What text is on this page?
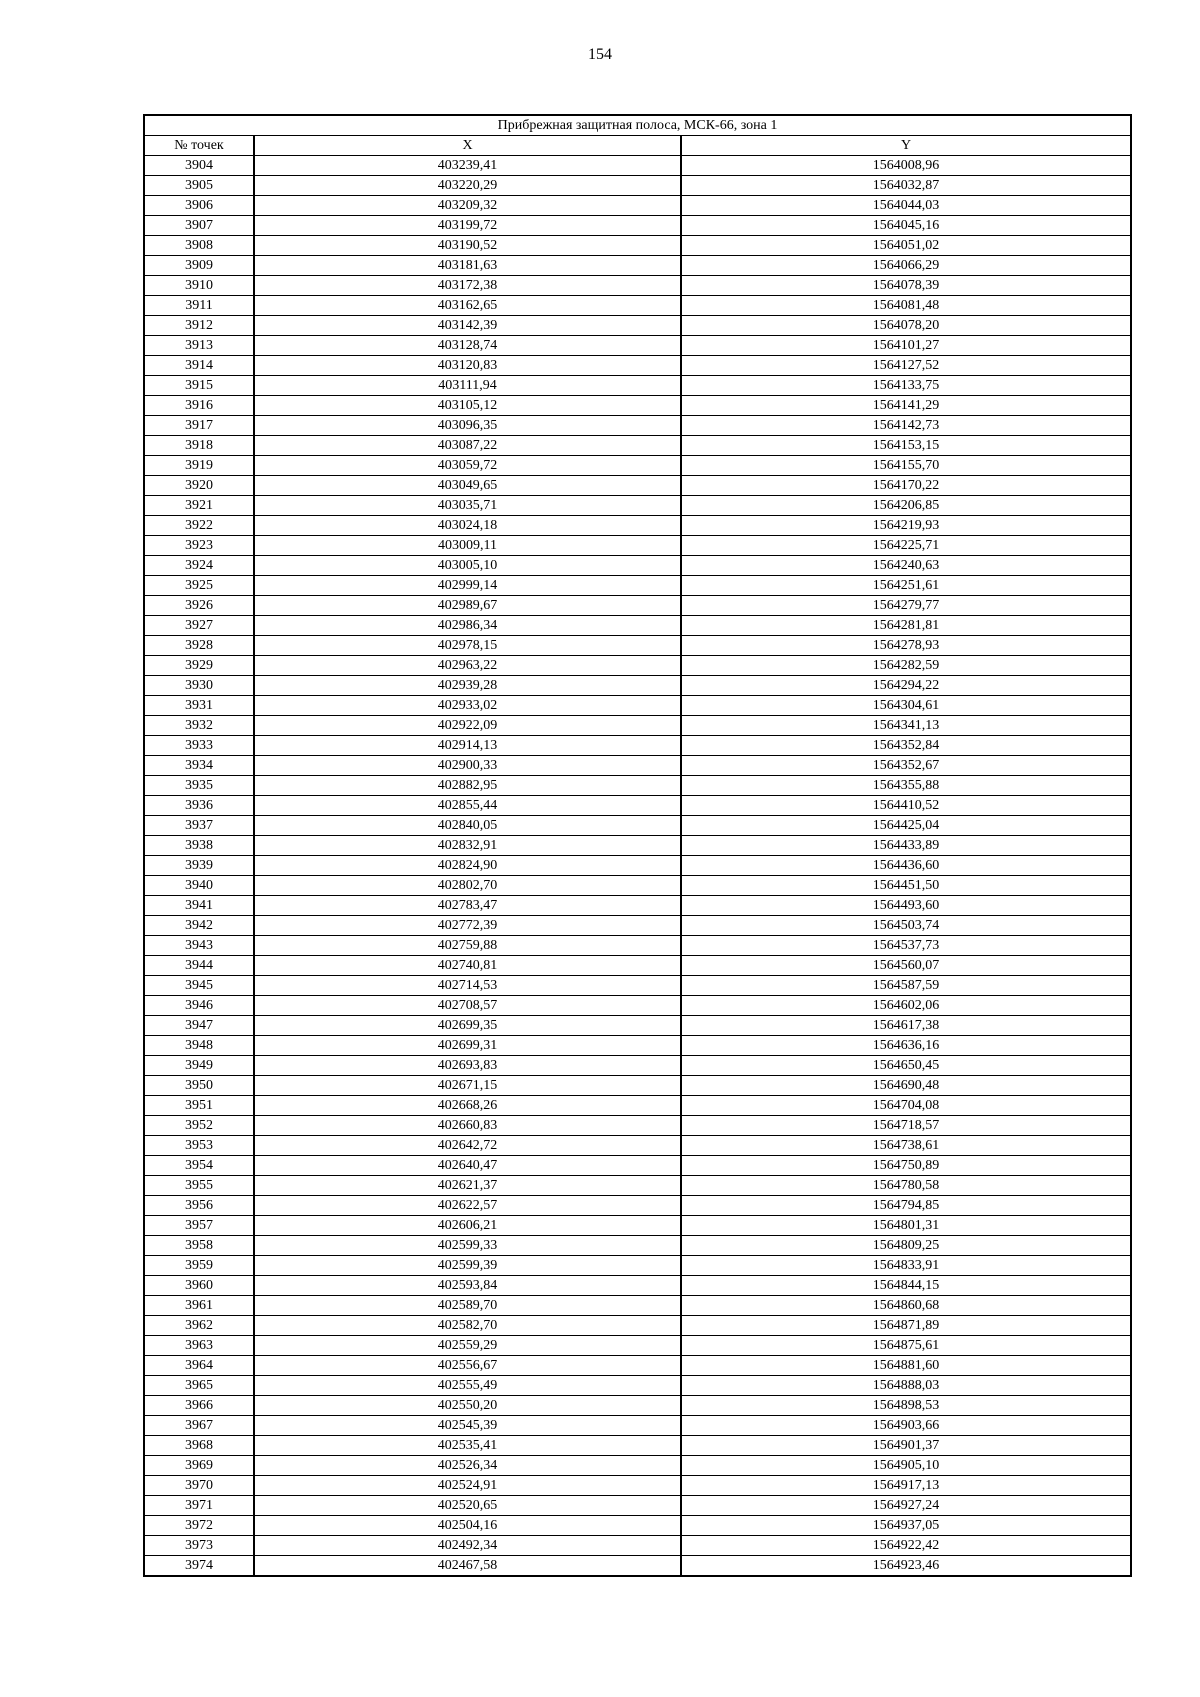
154
Прибрежная защитная полоса, МСК-66, зона 1		
№ точек	X	Y
3904	403239,41	1564008,96
3905	403220,29	1564032,87
3906	403209,32	1564044,03
3907	403199,72	1564045,16
3908	403190,52	1564051,02
3909	403181,63	1564066,29
3910	403172,38	1564078,39
3911	403162,65	1564081,48
3912	403142,39	1564078,20
3913	403128,74	1564101,27
3914	403120,83	1564127,52
3915	403111,94	1564133,75
3916	403105,12	1564141,29
3917	403096,35	1564142,73
3918	403087,22	1564153,15
3919	403059,72	1564155,70
3920	403049,65	1564170,22
3921	403035,71	1564206,85
3922	403024,18	1564219,93
3923	403009,11	1564225,71
3924	403005,10	1564240,63
3925	402999,14	1564251,61
3926	402989,67	1564279,77
3927	402986,34	1564281,81
3928	402978,15	1564278,93
3929	402963,22	1564282,59
3930	402939,28	1564294,22
3931	402933,02	1564304,61
3932	402922,09	1564341,13
3933	402914,13	1564352,84
3934	402900,33	1564352,67
3935	402882,95	1564355,88
3936	402855,44	1564410,52
3937	402840,05	1564425,04
3938	402832,91	1564433,89
3939	402824,90	1564436,60
3940	402802,70	1564451,50
3941	402783,47	1564493,60
3942	402772,39	1564503,74
3943	402759,88	1564537,73
3944	402740,81	1564560,07
3945	402714,53	1564587,59
3946	402708,57	1564602,06
3947	402699,35	1564617,38
3948	402699,31	1564636,16
3949	402693,83	1564650,45
3950	402671,15	1564690,48
3951	402668,26	1564704,08
3952	402660,83	1564718,57
3953	402642,72	1564738,61
3954	402640,47	1564750,89
3955	402621,37	1564780,58
3956	402622,57	1564794,85
3957	402606,21	1564801,31
3958	402599,33	1564809,25
3959	402599,39	1564833,91
3960	402593,84	1564844,15
3961	402589,70	1564860,68
3962	402582,70	1564871,89
3963	402559,29	1564875,61
3964	402556,67	1564881,60
3965	402555,49	1564888,03
3966	402550,20	1564898,53
3967	402545,39	1564903,66
3968	402535,41	1564901,37
3969	402526,34	1564905,10
3970	402524,91	1564917,13
3971	402520,65	1564927,24
3972	402504,16	1564937,05
3973	402492,34	1564922,42
3974	402467,58	1564923,46
